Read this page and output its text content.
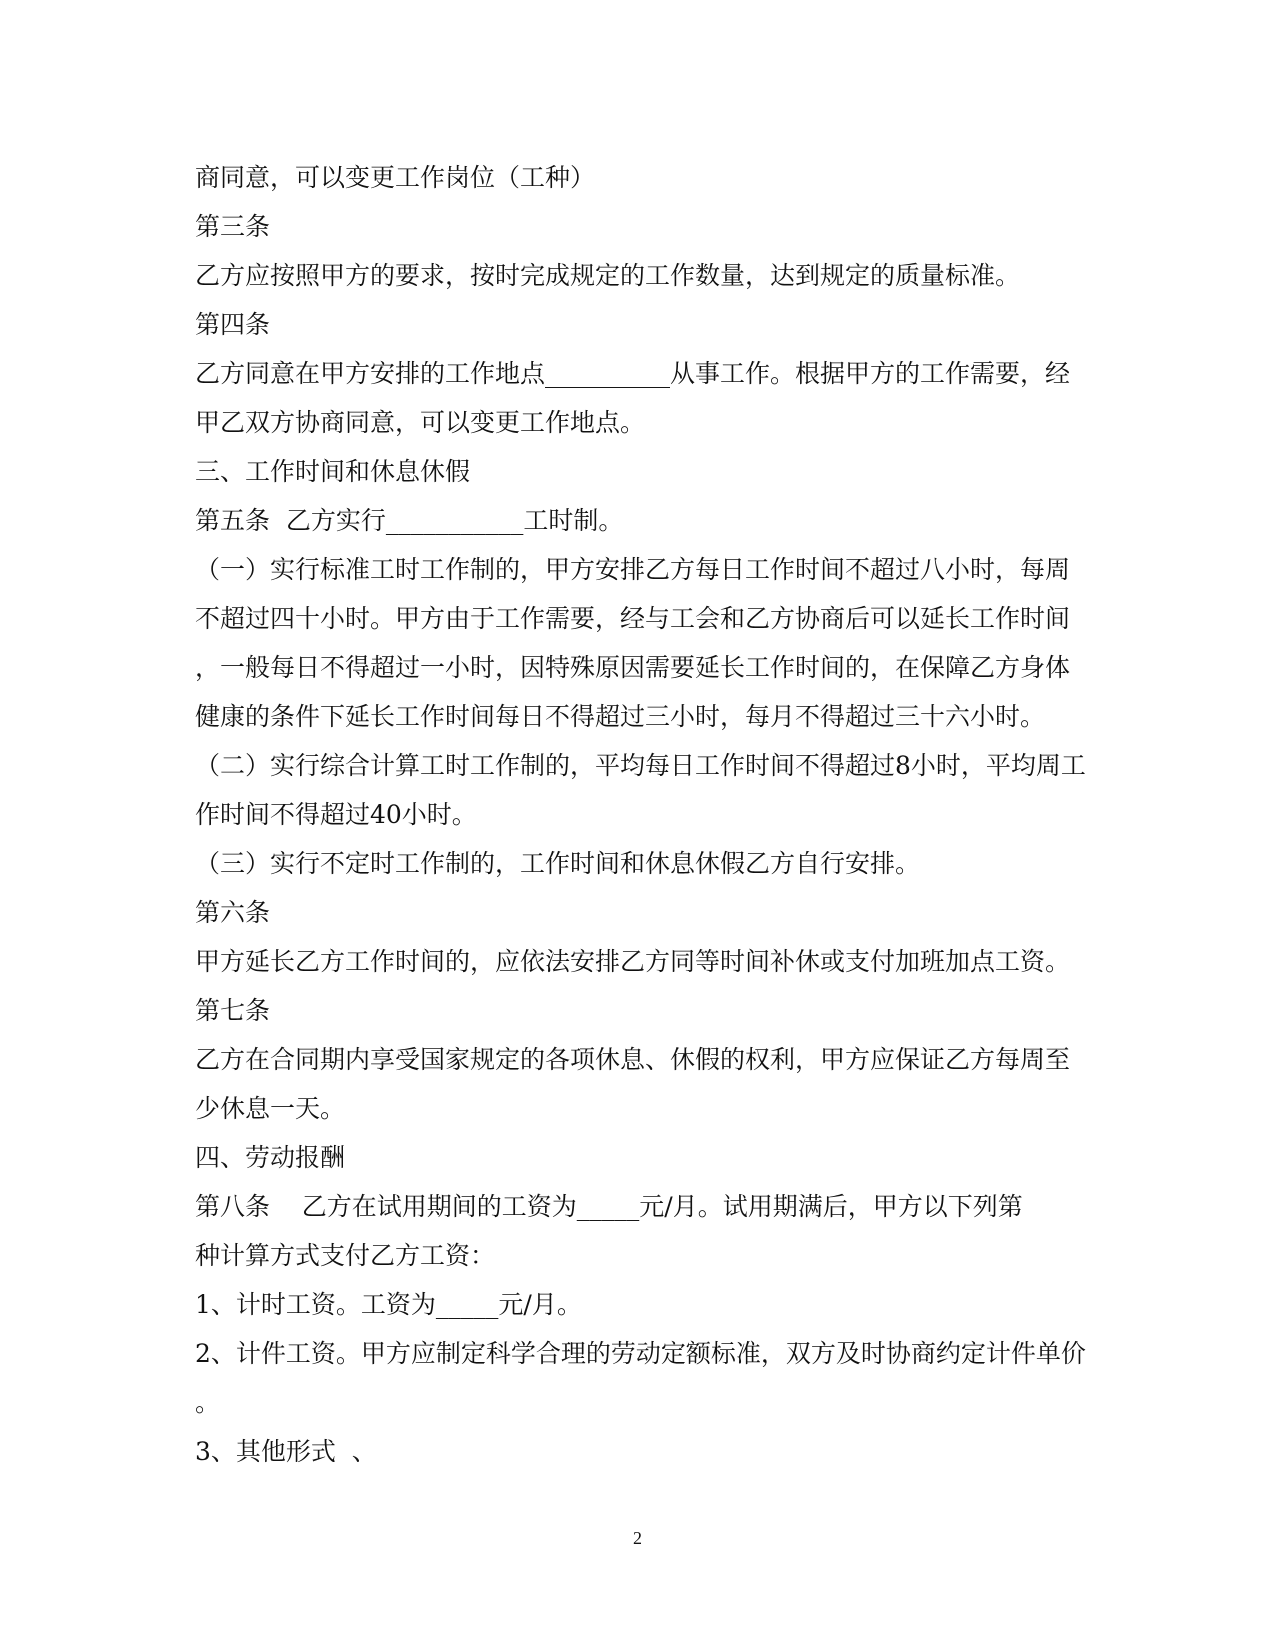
商同意，可以变更工作岗位（工种）
第三条
乙方应按照甲方的要求，按时完成规定的工作数量，达到规定的质量标准。
第四条
乙方同意在甲方安排的工作地点__________从事工作。根据甲方的工作需要，经
甲乙双方协商同意，可以变更工作地点。
三、工作时间和休息休假
第五条  乙方实行___________工时制。
（一）实行标准工时工作制的，甲方安排乙方每日工作时间不超过八小时，每周
不超过四十小时。甲方由于工作需要，经与工会和乙方协商后可以延长工作时间
，一般每日不得超过一小时，因特殊原因需要延长工作时间的，在保障乙方身体
健康的条件下延长工作时间每日不得超过三小时，每月不得超过三十六小时。
（二）实行综合计算工时工作制的，平均每日工作时间不得超过8小时，平均周工
作时间不得超过40小时。
（三）实行不定时工作制的，工作时间和休息休假乙方自行安排。
第六条
甲方延长乙方工作时间的，应依法安排乙方同等时间补休或支付加班加点工资。
第七条
乙方在合同期内享受国家规定的各项休息、休假的权利，甲方应保证乙方每周至
少休息一天。
四、劳动报酬
第八条    乙方在试用期间的工资为_____元/月。试用期满后，甲方以下列第
种计算方式支付乙方工资：
1、计时工资。工资为_____元/月。
2、计件工资。甲方应制定科学合理的劳动定额标准，双方及时协商约定计件单价
。
3、其他形式  、
2
